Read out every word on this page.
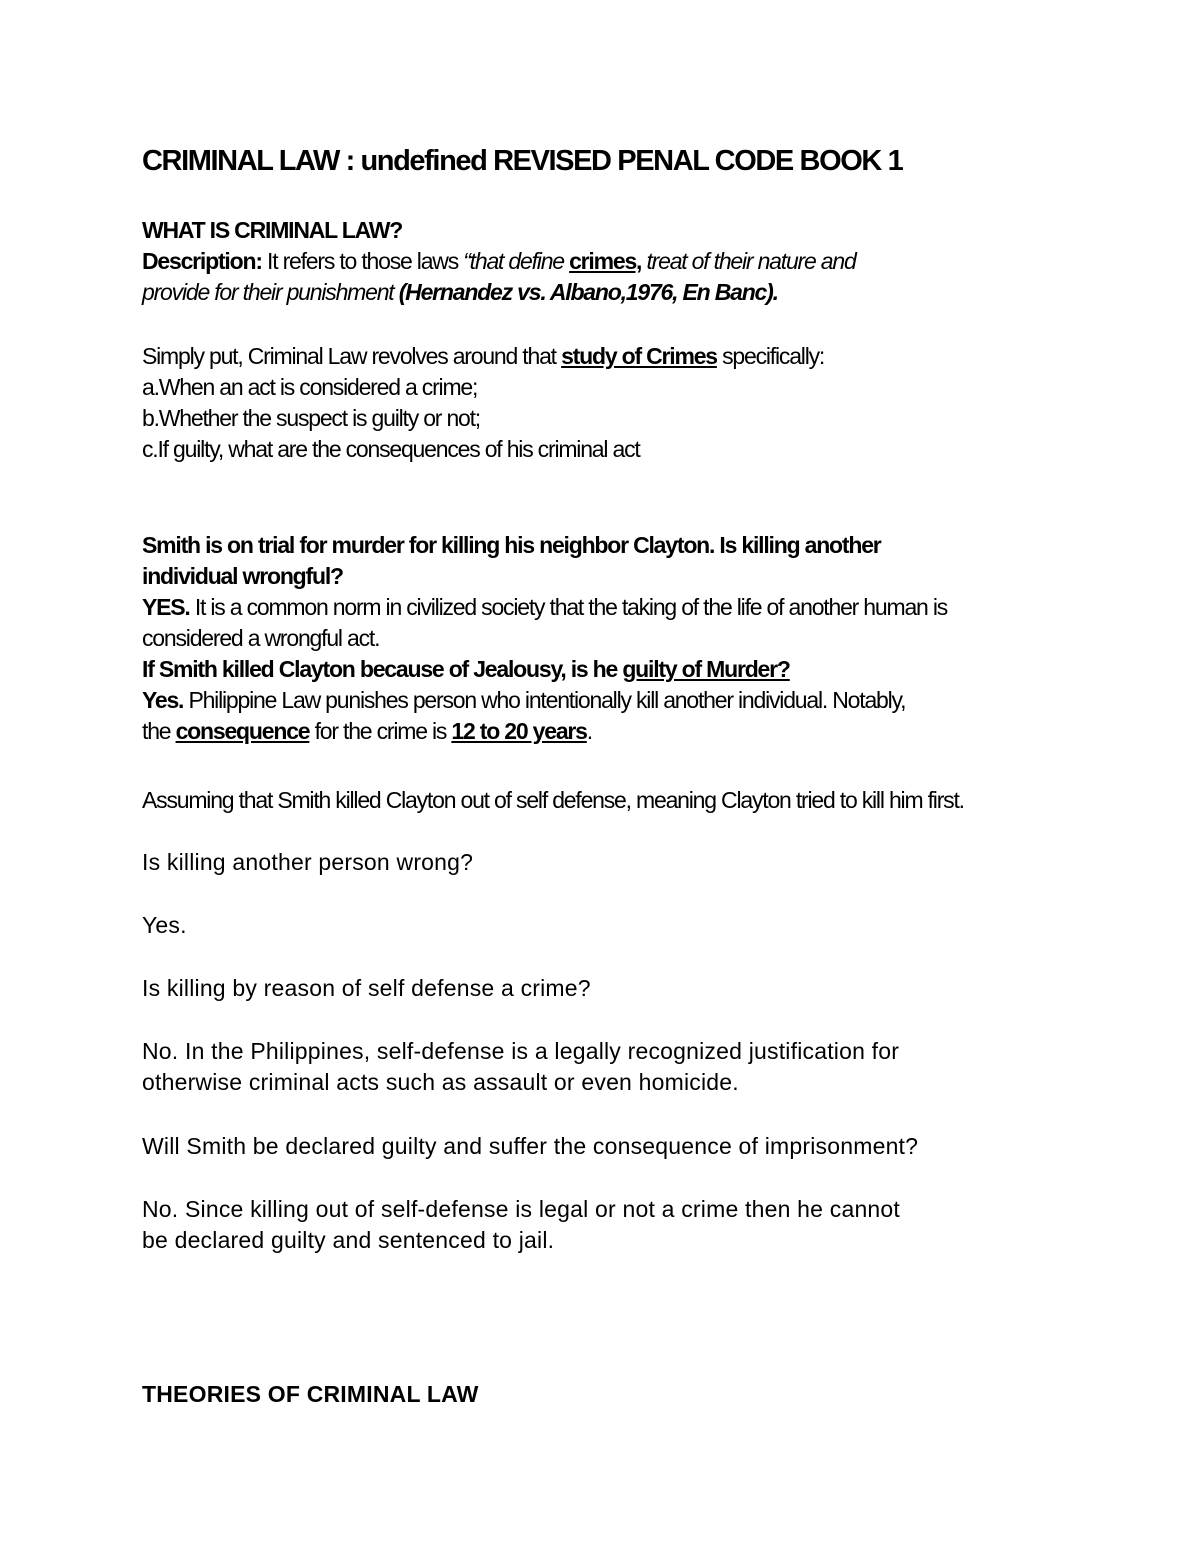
CRIMINAL LAW : undefined REVISED PENAL CODE BOOK 1

WHAT IS CRIMINAL LAW?

Description: It refers to those laws “that define crimes, treat of their nature and
provide for their punishment (Hernandez vs. Albano,1976, En Banc).

Simply put, Criminal Law revolves around that study of Crimes specifically:

a.When an act is considered a crime;

b.Whether the suspect is guilty or not;

c.If guilty, what are the consequences of his criminal act

Smith is on trial for murder for killing his neighbor Clayton. Is killing another
individual wrongful?

YES. It is a common norm in civilized society that the taking of the life of another human is
considered a wrongful act.

If Smith killed Clayton because of Jealousy, is he guilty of Murder?

Yes. Philippine Law punishes person who intentionally kill another individual. Notably,
the consequence for the crime is 12 to 20 years.

Assuming that Smith killed Clayton out of self defense, meaning Clayton tried to kill him first.

Is killing another person wrong?

Yes.

Is killing by reason of self defense a crime?

No. In the Philippines, self-defense is a legally recognized justification for
otherwise criminal acts such as assault or even homicide.

Will Smith be declared guilty and suffer the consequence of imprisonment?

No. Since killing out of self-defense is legal or not a crime then he cannot
be declared guilty and sentenced to jail.

THEORIES OF CRIMINAL LAW
